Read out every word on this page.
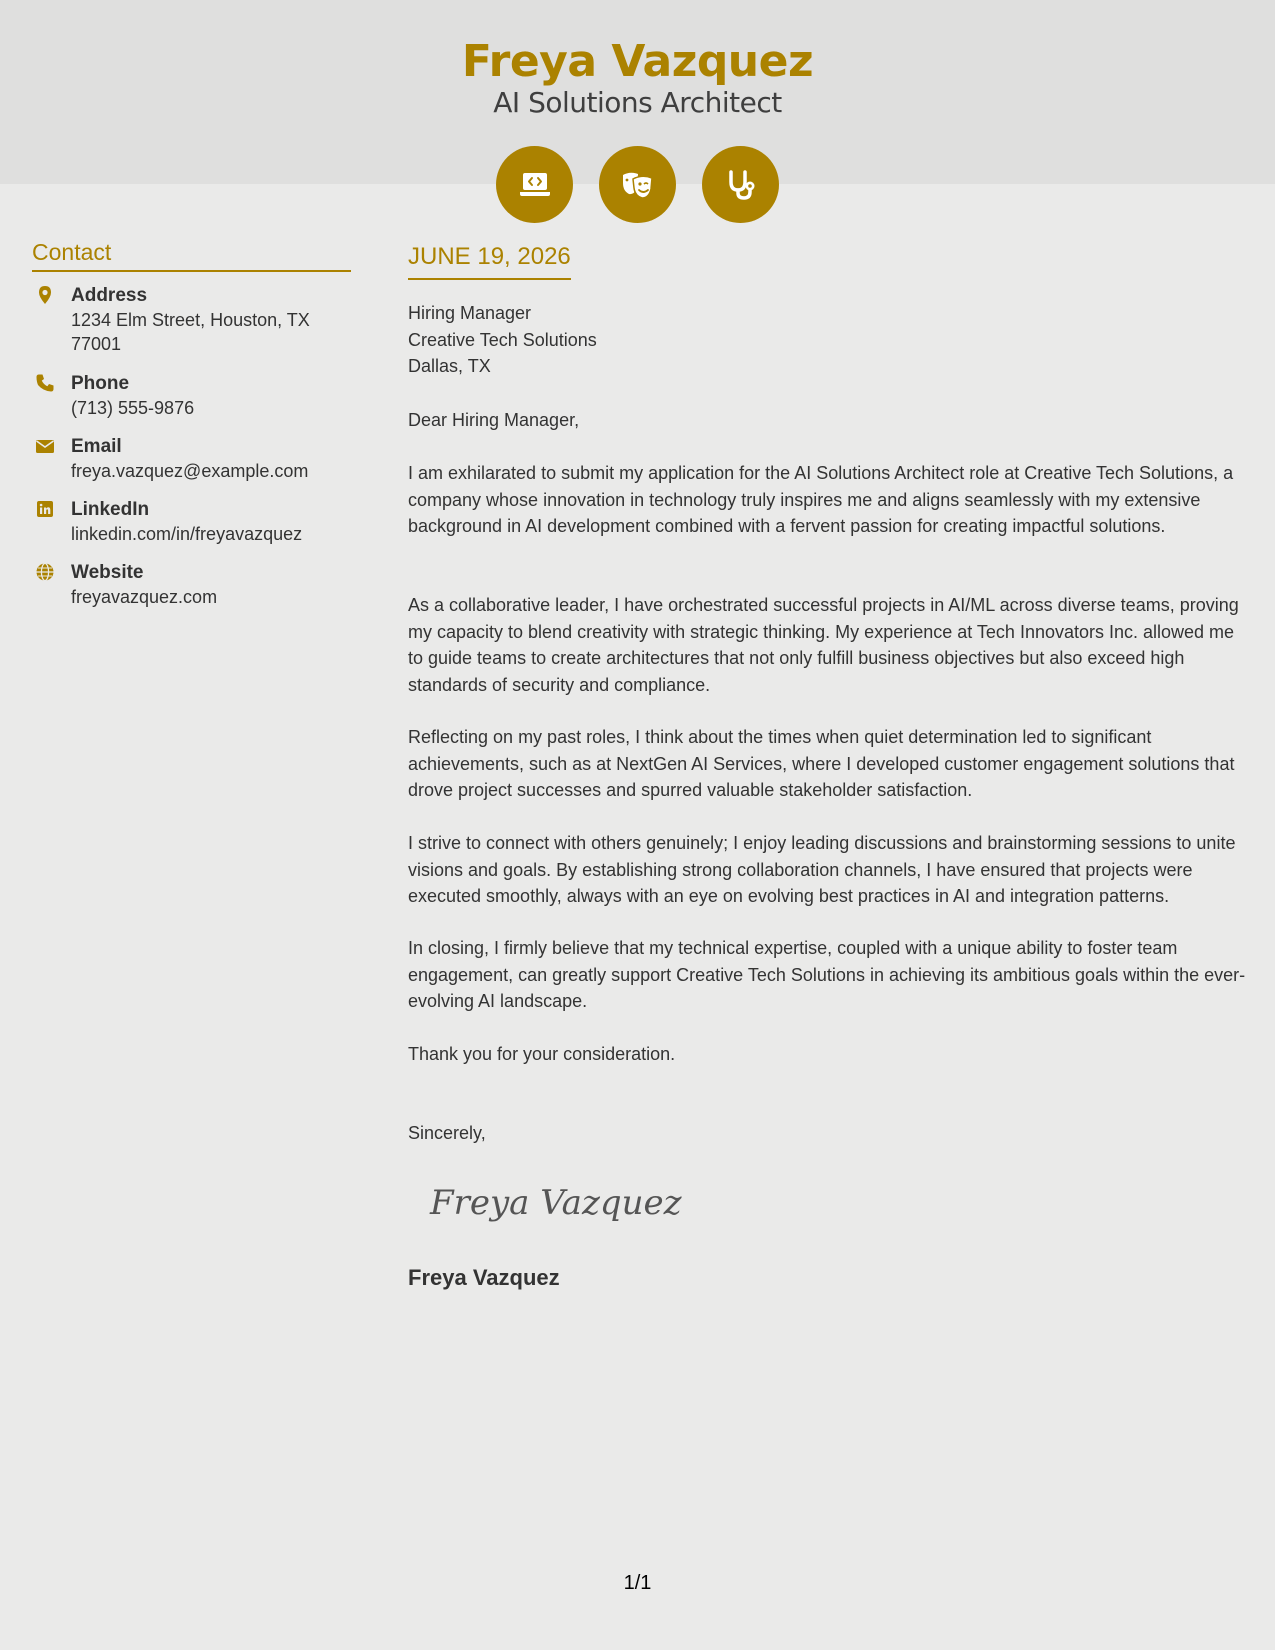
Freya Vazquez
AI Solutions Architect
Contact
Address
1234 Elm Street, Houston, TX 77001
Phone
(713) 555-9876
Email
freya.vazquez@example.com
LinkedIn
linkedin.com/in/freyavazquez
Website
freyavazquez.com
JUNE 19, 2026
Hiring Manager
Creative Tech Solutions
Dallas, TX
Dear Hiring Manager,
I am exhilarated to submit my application for the AI Solutions Architect role at Creative Tech Solutions, a company whose innovation in technology truly inspires me and aligns seamlessly with my extensive background in AI development combined with a fervent passion for creating impactful solutions.
As a collaborative leader, I have orchestrated successful projects in AI/ML across diverse teams, proving my capacity to blend creativity with strategic thinking. My experience at Tech Innovators Inc. allowed me to guide teams to create architectures that not only fulfill business objectives but also exceed high standards of security and compliance.
Reflecting on my past roles, I think about the times when quiet determination led to significant achievements, such as at NextGen AI Services, where I developed customer engagement solutions that drove project successes and spurred valuable stakeholder satisfaction.
I strive to connect with others genuinely; I enjoy leading discussions and brainstorming sessions to unite visions and goals. By establishing strong collaboration channels, I have ensured that projects were executed smoothly, always with an eye on evolving best practices in AI and integration patterns.
In closing, I firmly believe that my technical expertise, coupled with a unique ability to foster team engagement, can greatly support Creative Tech Solutions in achieving its ambitious goals within the ever-evolving AI landscape.
Thank you for your consideration.
Sincerely,
Freya Vazquez
Freya Vazquez
1/1
